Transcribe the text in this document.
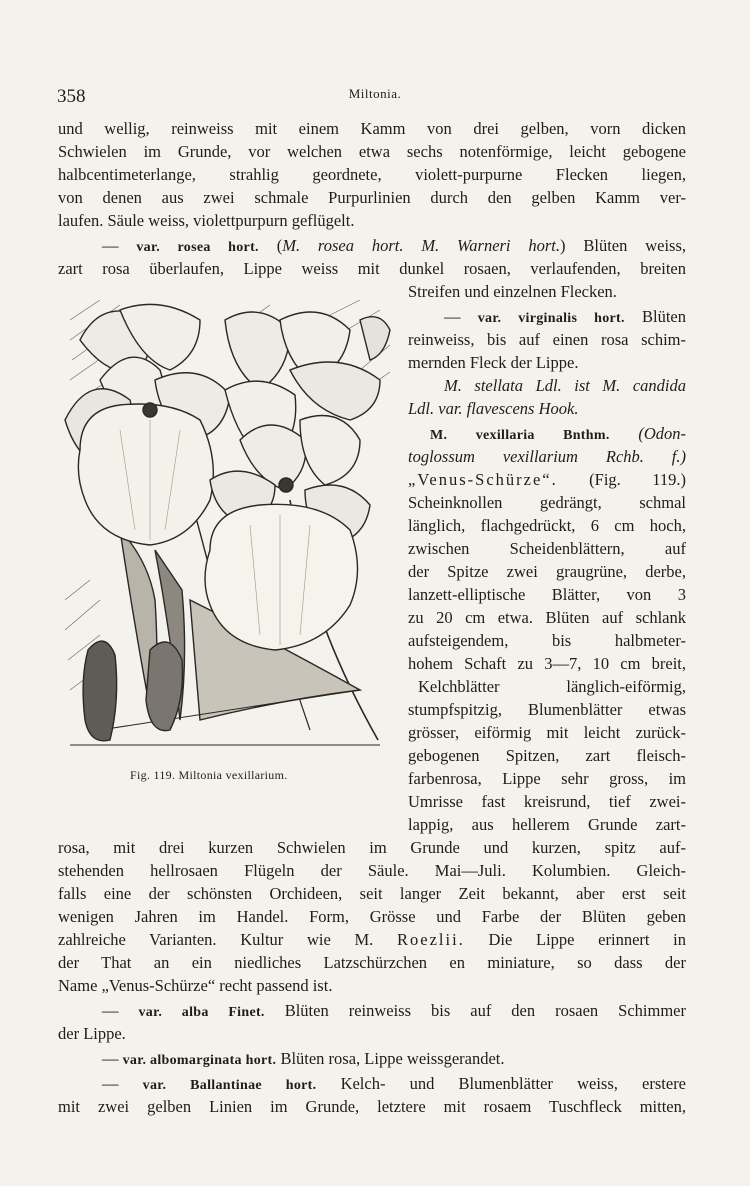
358	Miltonia.
und wellig, reinweiss mit einem Kamm von drei gelben, vorn dicken
Schwielen im Grunde, vor welchen etwa sechs notenförmige, leicht gebogene
halbcentimeterlange, strahlig geordnete, violett-purpurne Flecken liegen,
von denen aus zwei schmale Purpurlinien durch den gelben Kamm ver-
laufen. Säule weiss, violettpurpurn geflügelt.
— var. rosea hort. (M. rosea hort. M. Warneri hort.) Blüten weiss,
zart rosa überlaufen, Lippe weiss mit dunkel rosaen, verlaufenden, breiten
Streifen und einzelnen Flecken.
— var. virginalis hort. Blüten
reinweiss, bis auf einen rosa schim-
mernden Fleck der Lippe.
M. stellata Ldl. ist M. candida
Ldl. var. flavescens Hook.
M. vexillaria Bnthm. (Odon-
toglossum vexillarium Rchb. f.)
„Venus-Schürze“. (Fig. 119.)
Scheinknollen gedrängt, schmal
länglich, flachgedrückt, 6 cm hoch,
zwischen Scheidenblättern, auf
der Spitze zwei graugrüne, derbe,
lanzett-elliptische Blätter, von 3
zu 20 cm etwa. Blüten auf schlank
aufsteigendem, bis halbmeter-
hohem Schaft zu 3—7, 10 cm breit,
Kelchblätter länglich-eiförmig,
stumpfspitzig, Blumenblätter etwas
grösser, eiförmig mit leicht zurück-
gebogenen Spitzen, zart fleisch-
farbenrosa, Lippe sehr gross, im
Umrisse fast kreisrund, tief zwei-
lappig, aus hellerem Grunde zart-
Fig. 119. Miltonia vexillarium.
rosa, mit drei kurzen Schwielen im Grunde und kurzen, spitz auf-
stehenden hellrosaen Flügeln der Säule. Mai—Juli. Kolumbien. Gleich-
falls eine der schönsten Orchideen, seit langer Zeit bekannt, aber erst seit
wenigen Jahren im Handel. Form, Grösse und Farbe der Blüten geben
zahlreiche Varianten. Kultur wie M. Roezlii. Die Lippe erinnert in
der That an ein niedliches Latzschürzchen en miniature, so dass der
Name „Venus-Schürze“ recht passend ist.
— var. alba Finet. Blüten reinweiss bis auf den rosaen Schimmer
der Lippe.
— var. albomarginata hort. Blüten rosa, Lippe weissgerandet.
— var. Ballantinae hort. Kelch- und Blumenblätter weiss, erstere
mit zwei gelben Linien im Grunde, letztere mit rosaem Tuschfleck mitten,
